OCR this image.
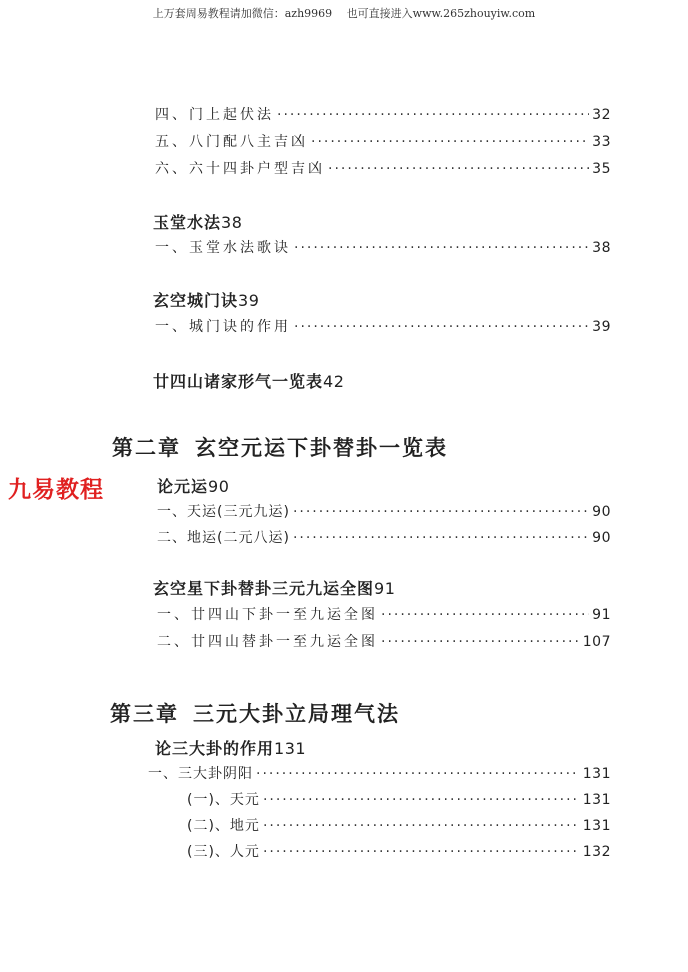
上万套周易教程请加微信：azh9969　 也可直接进入www.265zhouyiw.com
九易教程
四、门上起伏法 ·····	32
五、八门配八主吉凶 ·····	33
六、六十四卦户型吉凶 ·····	35
玉堂水法38
一、玉堂水法歌诀 ·····	38
玄空城门诀39
一、城门诀的作用 ·····	39
廿四山诸家形气一览表42
第二章 玄空元运下卦替卦一览表
论元运90
一、天运(三元九运) ·····	90
二、地运(二元八运) ·····	90
玄空星下卦替卦三元九运全图91
一、廿四山下卦一至九运全图 ·····	91
二、廿四山替卦一至九运全图 ·····	107
第三章 三元大卦立局理气法
论三大卦的作用131
一、三大卦阴阳 ·····	131
(一)、天元 ·····	131
(二)、地元 ·····	131
(三)、人元 ·····	132
